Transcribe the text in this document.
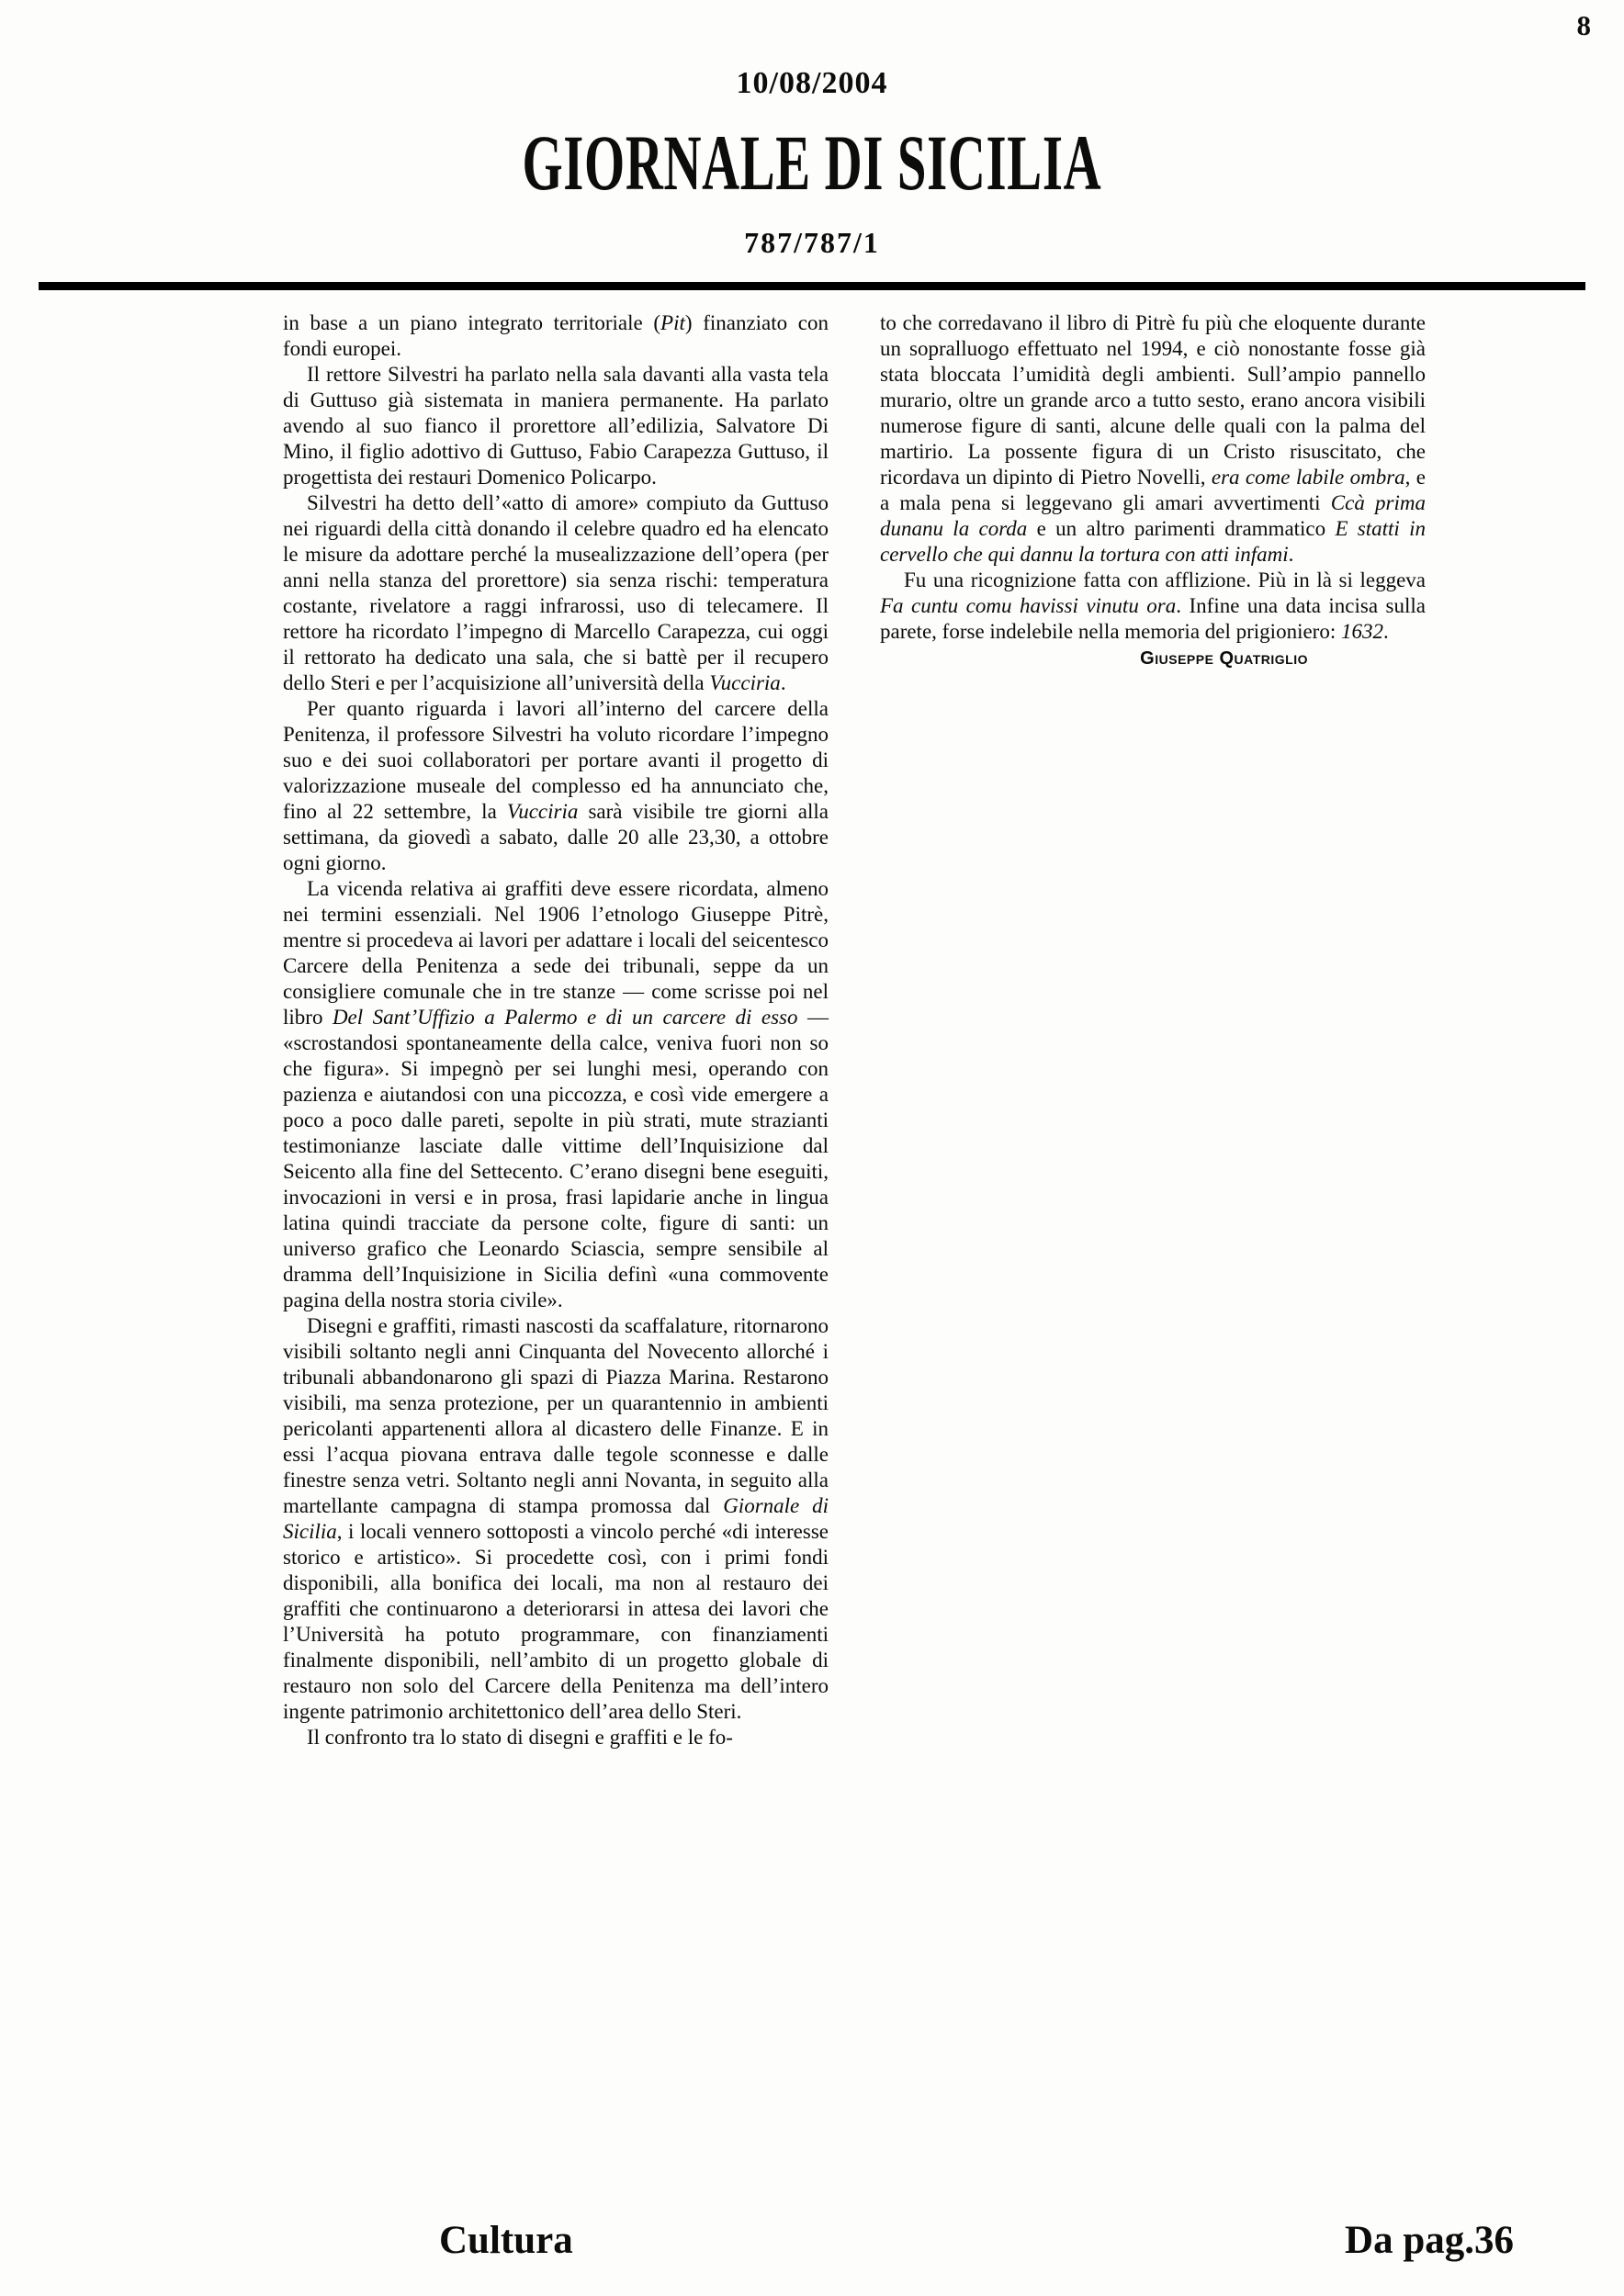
8
10/08/2004
GIORNALE DI SICILIA
787/787/1

in base a un piano integrato territoriale (Pit) finanziato con fondi europei.

Il rettore Silvestri ha parlato nella sala davanti alla vasta tela di Guttuso già sistemata in maniera permanente. Ha parlato avendo al suo fianco il prorettore all’edilizia, Salvatore Di Mino, il figlio adottivo di Guttuso, Fabio Carapezza Guttuso, il progettista dei restauri Domenico Policarpo.

Silvestri ha detto dell’«atto di amore» compiuto da Guttuso nei riguardi della città donando il celebre quadro ed ha elencato le misure da adottare perché la musealizzazione dell’opera (per anni nella stanza del prorettore) sia senza rischi: temperatura costante, rivelatore a raggi infrarossi, uso di telecamere. Il rettore ha ricordato l’impegno di Marcello Carapezza, cui oggi il rettorato ha dedicato una sala, che si battè per il recupero dello Steri e per l’acquisizione all’università della Vucciria.

Per quanto riguarda i lavori all’interno del carcere della Penitenza, il professore Silvestri ha voluto ricordare l’impegno suo e dei suoi collaboratori per portare avanti il progetto di valorizzazione museale del complesso ed ha annunciato che, fino al 22 settembre, la Vucciria sarà visibile tre giorni alla settimana, da giovedì a sabato, dalle 20 alle 23,30, a ottobre ogni giorno.

La vicenda relativa ai graffiti deve essere ricordata, almeno nei termini essenziali. Nel 1906 l’etnologo Giuseppe Pitrè, mentre si procedeva ai lavori per adattare i locali del seicentesco Carcere della Penitenza a sede dei tribunali, seppe da un consigliere comunale che in tre stanze — come scrisse poi nel libro Del Sant’Uffizio a Palermo e di un carcere di esso — «scrostandosi spontaneamente della calce, veniva fuori non so che figura». Si impegnò per sei lunghi mesi, operando con pazienza e aiutandosi con una piccozza, e così vide emergere a poco a poco dalle pareti, sepolte in più strati, mute strazianti testimonianze lasciate dalle vittime dell’Inquisizione dal Seicento alla fine del Settecento. C’erano disegni bene eseguiti, invocazioni in versi e in prosa, frasi lapidarie anche in lingua latina quindi tracciate da persone colte, figure di santi: un universo grafico che Leonardo Sciascia, sempre sensibile al dramma dell’Inquisizione in Sicilia definì «una commovente pagina della nostra storia civile».

Disegni e graffiti, rimasti nascosti da scaffalature, ritornarono visibili soltanto negli anni Cinquanta del Novecento allorché i tribunali abbandonarono gli spazi di Piazza Marina. Restarono visibili, ma senza protezione, per un quarantennio in ambienti pericolanti appartenenti allora al dicastero delle Finanze. E in essi l’acqua piovana entrava dalle tegole sconnesse e dalle finestre senza vetri. Soltanto negli anni Novanta, in seguito alla martellante campagna di stampa promossa dal Giornale di Sicilia, i locali vennero sottoposti a vincolo perché «di interesse storico e artistico». Si procedette così, con i primi fondi disponibili, alla bonifica dei locali, ma non al restauro dei graffiti che continuarono a deteriorarsi in attesa dei lavori che l’Università ha potuto programmare, con finanziamenti finalmente disponibili, nell’ambito di un progetto globale di restauro non solo del Carcere della Penitenza ma dell’intero ingente patrimonio architettonico dell’area dello Steri.

Il confronto tra lo stato di disegni e graffiti e le fo-

to che corredavano il libro di Pitrè fu più che eloquente durante un sopralluogo effettuato nel 1994, e ciò nonostante fosse già stata bloccata l’umidità degli ambienti. Sull’ampio pannello murario, oltre un grande arco a tutto sesto, erano ancora visibili numerose figure di santi, alcune delle quali con la palma del martirio. La possente figura di un Cristo risuscitato, che ricordava un dipinto di Pietro Novelli, era come labile ombra, e a mala pena si leggevano gli amari avvertimenti Ccà prima dunanu la corda e un altro parimenti drammatico E statti in cervello che qui dannu la tortura con atti infami.

Fu una ricognizione fatta con afflizione. Più in là si leggeva Fa cuntu comu havissi vinutu ora. Infine una data incisa sulla parete, forse indelebile nella memoria del prigioniero: 1632.

Giuseppe Quatriglio
Cultura	Da pag.36
